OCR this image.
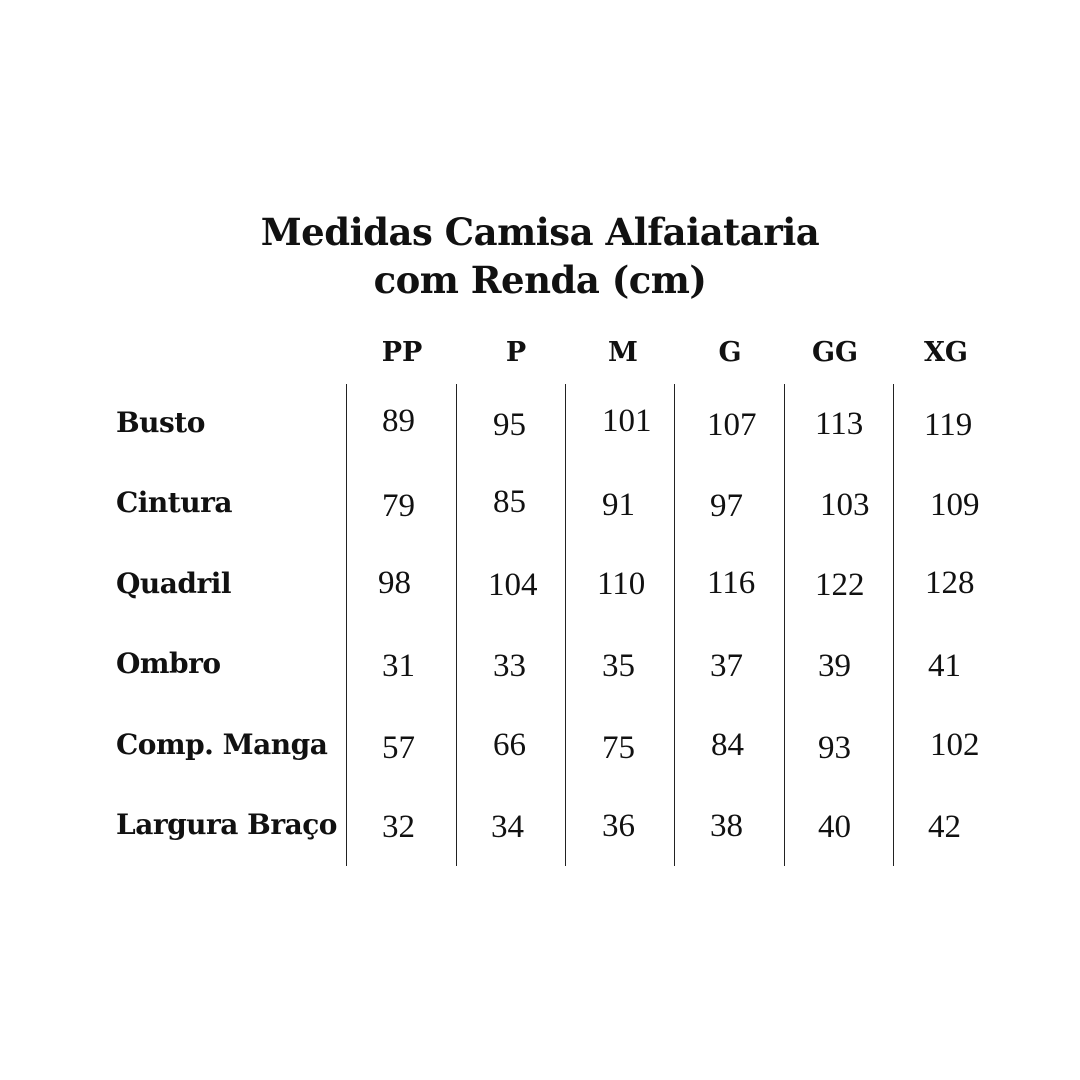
Medidas Camisa Alfaiataria
com Renda (cm)
PP	P	M	G	GG	XG
Busto	89 95 101 107 113 119
Cintura	79 85 91 97 103 109
Quadril	98 104 110 116 122 128
Ombro	31 33 35 37 39 41
Comp. Manga 57 66 75 84 93 102
Largura Braço 32 34 36 38 40 42
